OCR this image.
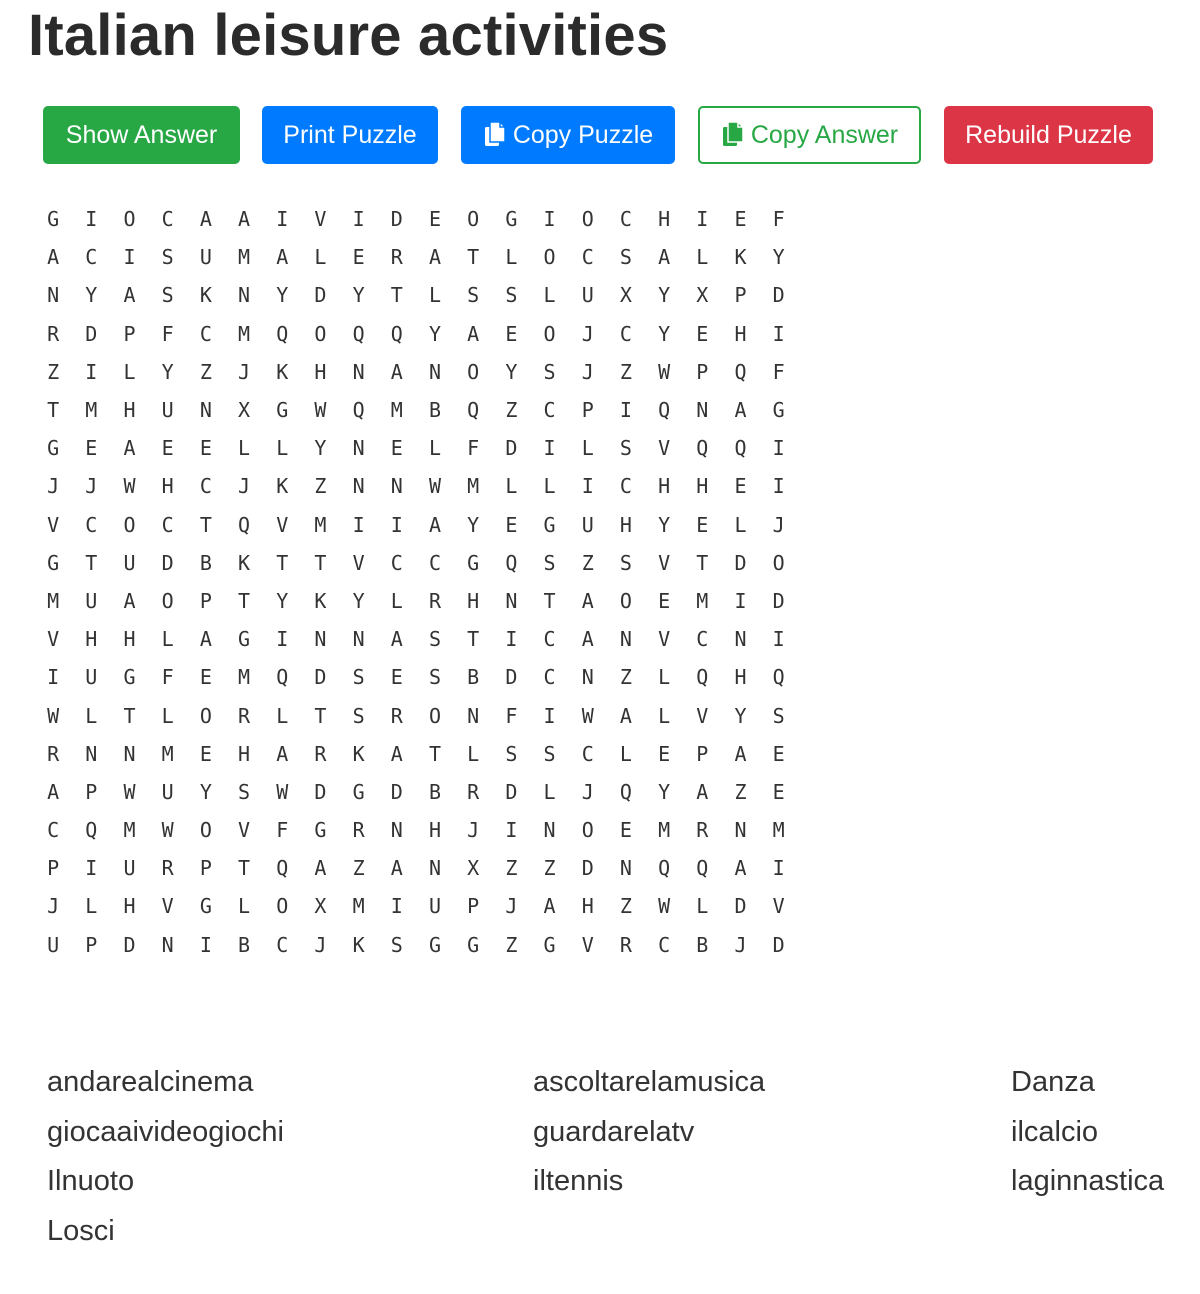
Italian leisure activities
Show Answer	Print Puzzle	Copy Puzzle	Copy Answer	Rebuild Puzzle
G	I	O	C	A	A	I	V	I	D	E	O	G	I	O	C	H	I	E	F
A	C	I	S	U	M	A	L	E	R	A	T	L	O	C	S	A	L	K	Y
N	Y	A	S	K	N	Y	D	Y	T	L	S	S	L	U	X	Y	X	P	D
R	D	P	F	C	M	Q	O	Q	Q	Y	A	E	O	J	C	Y	E	H	I
Z	I	L	Y	Z	J	K	H	N	A	N	O	Y	S	J	Z	W	P	Q	F
T	M	H	U	N	X	G	W	Q	M	B	Q	Z	C	P	I	Q	N	A	G
G	E	A	E	E	L	L	Y	N	E	L	F	D	I	L	S	V	Q	Q	I
J	J	W	H	C	J	K	Z	N	N	W	M	L	L	I	C	H	H	E	I
V	C	O	C	T	Q	V	M	I	I	A	Y	E	G	U	H	Y	E	L	J
G	T	U	D	B	K	T	T	V	C	C	G	Q	S	Z	S	V	T	D	O
M	U	A	O	P	T	Y	K	Y	L	R	H	N	T	A	O	E	M	I	D
V	H	H	L	A	G	I	N	N	A	S	T	I	C	A	N	V	C	N	I
I	U	G	F	E	M	Q	D	S	E	S	B	D	C	N	Z	L	Q	H	Q
W	L	T	L	O	R	L	T	S	R	O	N	F	I	W	A	L	V	Y	S
R	N	N	M	E	H	A	R	K	A	T	L	S	S	C	L	E	P	A	E
A	P	W	U	Y	S	W	D	G	D	B	R	D	L	J	Q	Y	A	Z	E
C	Q	M	W	O	V	F	G	R	N	H	J	I	N	O	E	M	R	N	M
P	I	U	R	P	T	Q	A	Z	A	N	X	Z	Z	D	N	Q	Q	A	I
J	L	H	V	G	L	O	X	M	I	U	P	J	A	H	Z	W	L	D	V
U	P	D	N	I	B	C	J	K	S	G	G	Z	G	V	R	C	B	J	D
andarealcinema	ascoltarelamusica	Danza
giocaaivideogiochi	guardarelatv	ilcalcio
Ilnuoto	iltennis	laginnastica
Losci
